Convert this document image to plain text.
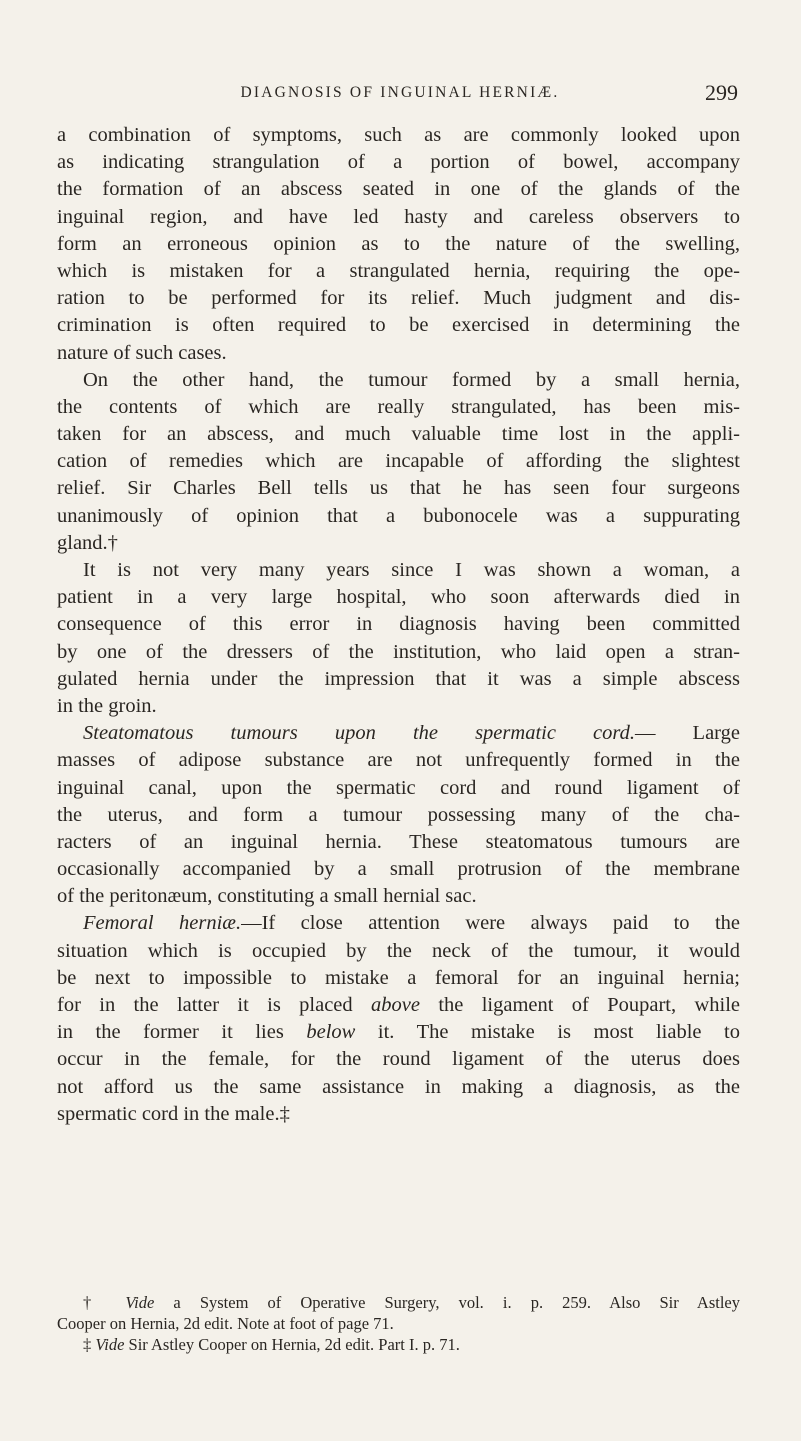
DIAGNOSIS OF INGUINAL HERNIÆ.	299
a combination of symptoms, such as are commonly looked upon
as indicating strangulation of a portion of bowel, accompany
the formation of an abscess seated in one of the glands of the
inguinal region, and have led hasty and careless observers to
form an erroneous opinion as to the nature of the swelling,
which is mistaken for a strangulated hernia, requiring the ope-
ration to be performed for its relief. Much judgment and dis-
crimination is often required to be exercised in determining the
nature of such cases.
On the other hand, the tumour formed by a small hernia,
the contents of which are really strangulated, has been mis-
taken for an abscess, and much valuable time lost in the appli-
cation of remedies which are incapable of affording the slightest
relief. Sir Charles Bell tells us that he has seen four surgeons
unanimously of opinion that a bubonocele was a suppurating
gland.†
It is not very many years since I was shown a woman, a
patient in a very large hospital, who soon afterwards died in
consequence of this error in diagnosis having been committed
by one of the dressers of the institution, who laid open a stran-
gulated hernia under the impression that it was a simple abscess
in the groin.
Steatomatous tumours upon the spermatic cord.— Large
masses of adipose substance are not unfrequently formed in the
inguinal canal, upon the spermatic cord and round ligament of
the uterus, and form a tumour possessing many of the cha-
racters of an inguinal hernia. These steatomatous tumours are
occasionally accompanied by a small protrusion of the membrane
of the peritonæum, constituting a small hernial sac.
Femoral herniæ.—If close attention were always paid to the
situation which is occupied by the neck of the tumour, it would
be next to impossible to mistake a femoral for an inguinal hernia;
for in the latter it is placed above the ligament of Poupart, while
in the former it lies below it. The mistake is most liable to
occur in the female, for the round ligament of the uterus does
not afford us the same assistance in making a diagnosis, as the
spermatic cord in the male.‡
† Vide a System of Operative Surgery, vol. i. p. 259. Also Sir Astley
Cooper on Hernia, 2d edit. Note at foot of page 71.
‡ Vide Sir Astley Cooper on Hernia, 2d edit. Part I. p. 71.
